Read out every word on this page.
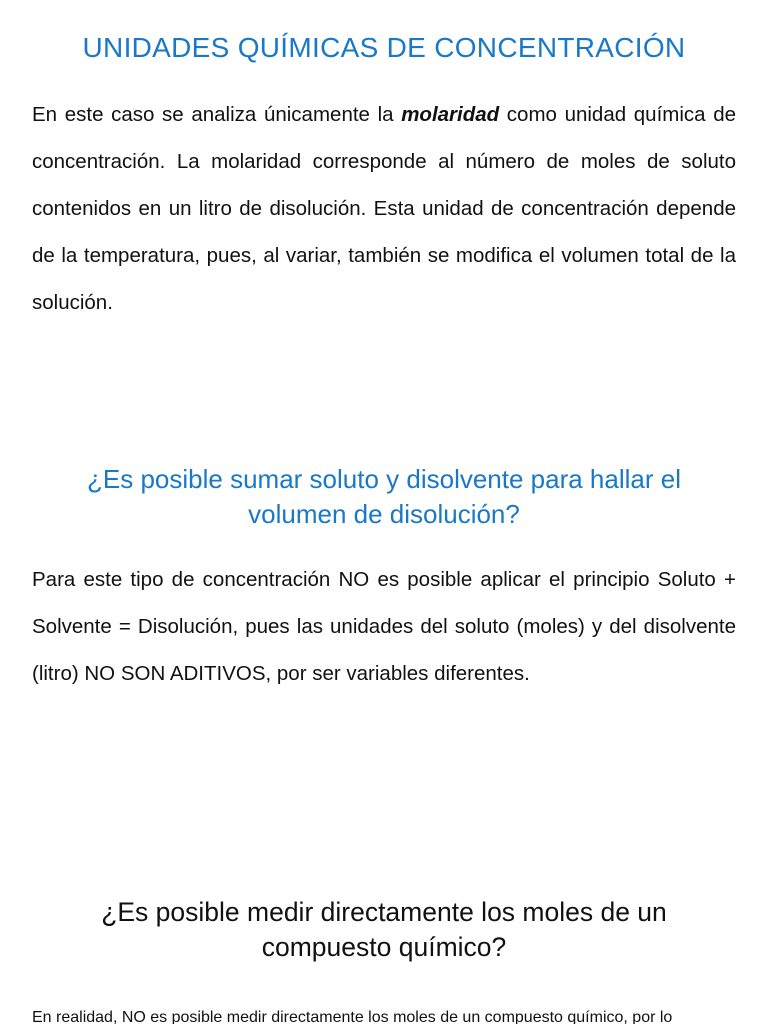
UNIDADES QUÍMICAS DE CONCENTRACIÓN

En este caso se analiza únicamente la molaridad como unidad química de concentración. La molaridad corresponde al número de moles de soluto contenidos en un litro de disolución. Esta unidad de concentración depende de la temperatura, pues, al variar, también se modifica el volumen total de la solución.

¿Es posible sumar soluto y disolvente para hallar el volumen de disolución?

Para este tipo de concentración NO es posible aplicar el principio Soluto + Solvente = Disolución, pues las unidades del soluto (moles) y del disolvente (litro) NO SON ADITIVOS, por ser variables diferentes.

¿Es posible medir directamente los moles de un compuesto químico?

En realidad, NO es posible medir directamente los moles de un compuesto químico, por lo
